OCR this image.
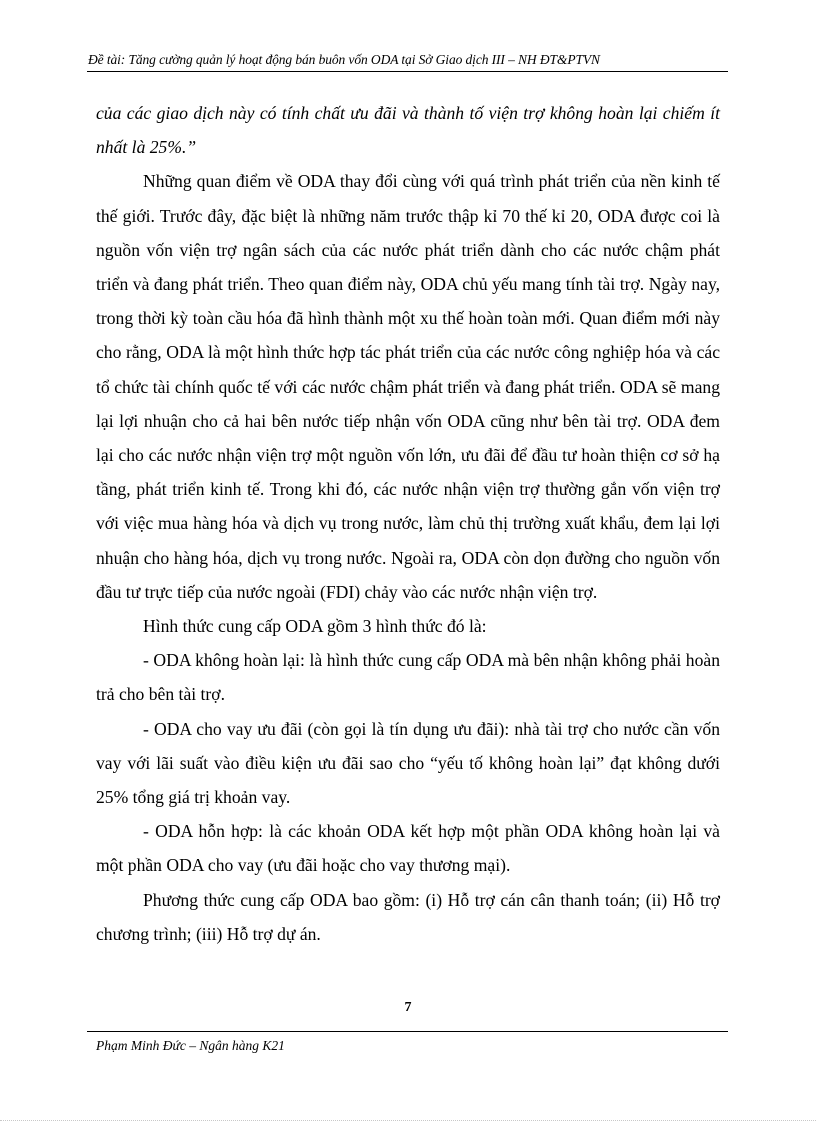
Đề tài: Tăng cường quản lý hoạt động bán buôn vốn ODA tại Sở Giao dịch III – NH ĐT&PTVN

của các giao dịch này có tính chất ưu đãi và thành tố viện trợ không hoàn lại chiếm ít nhất là 25%.”

Những quan điểm về ODA thay đổi cùng với quá trình phát triển của nền kinh tế thế giới. Trước đây, đặc biệt là những năm trước thập kỉ 70 thế kỉ 20, ODA được coi là nguồn vốn viện trợ ngân sách của các nước phát triển dành cho các nước chậm phát triển và đang phát triển. Theo quan điểm này, ODA chủ yếu mang tính tài trợ. Ngày nay, trong thời kỳ toàn cầu hóa đã hình thành một xu thế hoàn toàn mới. Quan điểm mới này cho rằng, ODA là một hình thức hợp tác phát triển của các nước công nghiệp hóa và các tổ chức tài chính quốc tế với các nước chậm phát triển và đang phát triển. ODA sẽ mang lại lợi nhuận cho cả hai bên nước tiếp nhận vốn ODA cũng như bên tài trợ. ODA đem lại cho các nước nhận viện trợ một nguồn vốn lớn, ưu đãi để đầu tư hoàn thiện cơ sở hạ tầng, phát triển kinh tế. Trong khi đó, các nước nhận viện trợ thường gắn vốn viện trợ với việc mua hàng hóa và dịch vụ trong nước, làm chủ thị trường xuất khẩu, đem lại lợi nhuận cho hàng hóa, dịch vụ trong nước. Ngoài ra, ODA còn dọn đường cho nguồn vốn đầu tư trực tiếp của nước ngoài (FDI) chảy vào các nước nhận viện trợ.

Hình thức cung cấp ODA gồm 3 hình thức đó là:

- ODA không hoàn lại: là hình thức cung cấp ODA mà bên nhận không phải hoàn trả cho bên tài trợ.

- ODA cho vay ưu đãi (còn gọi là tín dụng ưu đãi): nhà tài trợ cho nước cần vốn vay với lãi suất vào điều kiện ưu đãi sao cho “yếu tố không hoàn lại” đạt không dưới 25% tổng giá trị khoản vay.

- ODA hỗn hợp: là các khoản ODA kết hợp một phần ODA không hoàn lại và một phần ODA cho vay (ưu đãi hoặc cho vay thương mại).

Phương thức cung cấp ODA bao gồm: (i) Hỗ trợ cán cân thanh toán; (ii) Hỗ trợ chương trình; (iii) Hỗ trợ dự án.

7
Phạm Minh Đức – Ngân hàng K21
